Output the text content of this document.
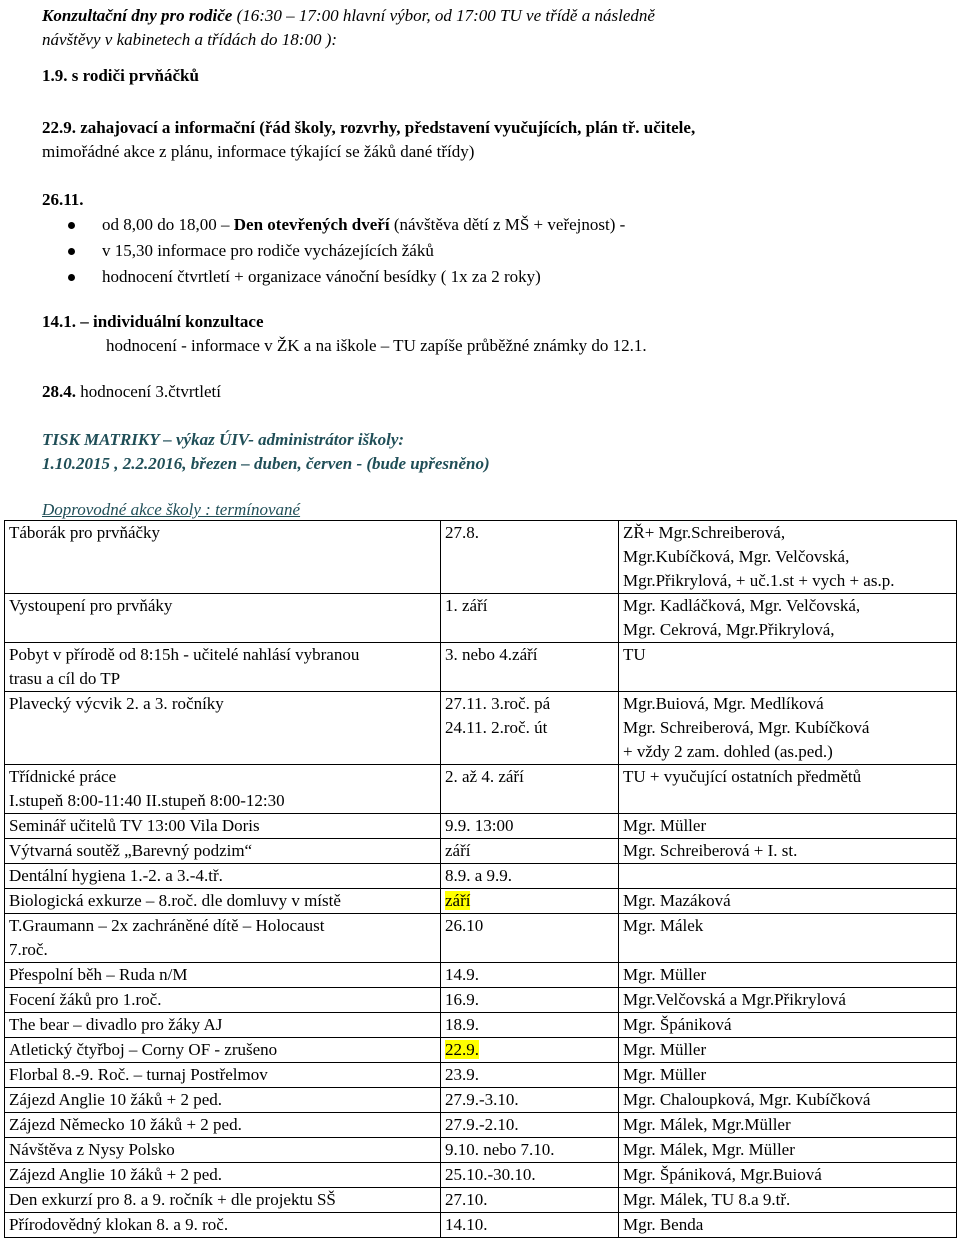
Konzultační dny pro rodiče (16:30 – 17:00 hlavní výbor, od 17:00 TU ve třídě a následně
návštěvy v kabinetech a třídách do 18:00 ):
1.9. s rodiči prvňáčků
22.9. zahajovací a informační (řád školy, rozvrhy, představení vyučujících, plán tř. učitele,
mimořádné akce z plánu, informace týkající se žáků dané třídy)
26.11.
od 8,00 do 18,00 – Den otevřených dveří (návštěva dětí z MŠ + veřejnost) -
v 15,30 informace pro rodiče vycházejících žáků
hodnocení čtvrtletí + organizace vánoční besídky ( 1x za 2 roky)
14.1. – individuální konzultace
hodnocení - informace v ŽK a na iškole – TU zapíše průběžné známky do 12.1.
28.4. hodnocení 3.čtvrtletí
TISK MATRIKY – výkaz ÚIV- administrátor iškoly:
1.10.2015 , 2.2.2016, březen – duben, červen - (bude upřesněno)
Doprovodné akce školy : termínované
Táborák pro prvňáčky	27.8.	ZŘ+ Mgr.Schreiberová,
Mgr.Kubíčková, Mgr. Velčovská,
Mgr.Přikrylová, + uč.1.st + vych + as.p.
Vystoupení pro prvňáky	1. září	Mgr. Kadláčková, Mgr. Velčovská,
Mgr. Cekrová, Mgr.Přikrylová,
Pobyt v přírodě od 8:15h - učitelé nahlásí vybranou
trasu a cíl do TP	3. nebo 4.září	TU
Plavecký výcvik 2. a 3. ročníky	27.11. 3.roč. pá
24.11. 2.roč. út	Mgr.Buiová, Mgr. Medlíková
Mgr. Schreiberová, Mgr. Kubíčková
+ vždy 2 zam. dohled (as.ped.)
Třídnické práce
I.stupeň 8:00-11:40 II.stupeň 8:00-12:30	2. až 4. září	TU + vyučující ostatních předmětů
Seminář učitelů TV 13:00 Vila Doris	9.9. 13:00	Mgr. Müller
Výtvarná soutěž „Barevný podzim“	září	Mgr. Schreiberová + I. st.
Dentální hygiena 1.-2. a 3.-4.tř.	8.9. a 9.9.	
Biologická exkurze – 8.roč. dle domluvy v místě	září	Mgr. Mazáková
T.Graumann – 2x zachráněné dítě – Holocaust
7.roč.	26.10	Mgr. Málek
Přespolní běh – Ruda n/M	14.9.	Mgr. Müller
Focení žáků pro 1.roč.	16.9.	Mgr.Velčovská a Mgr.Přikrylová
The bear – divadlo pro žáky AJ	18.9.	Mgr. Špániková
Atletický čtyřboj – Corny OF - zrušeno	22.9.	Mgr. Müller
Florbal 8.-9. Roč. – turnaj Postřelmov	23.9.	Mgr. Müller
Zájezd Anglie 10 žáků + 2 ped.	27.9.-3.10.	Mgr. Chaloupková, Mgr. Kubíčková
Zájezd Německo 10 žáků + 2 ped.	27.9.-2.10.	Mgr. Málek, Mgr.Müller
Návštěva z Nysy Polsko	9.10. nebo 7.10.	Mgr. Málek, Mgr. Müller
Zájezd Anglie 10 žáků + 2 ped.	25.10.-30.10.	Mgr. Špániková, Mgr.Buiová
Den exkurzí pro 8. a 9. ročník + dle projektu SŠ	27.10.	Mgr. Málek, TU 8.a 9.tř.
Přírodovědný klokan 8. a 9. roč.	14.10.	Mgr. Benda
